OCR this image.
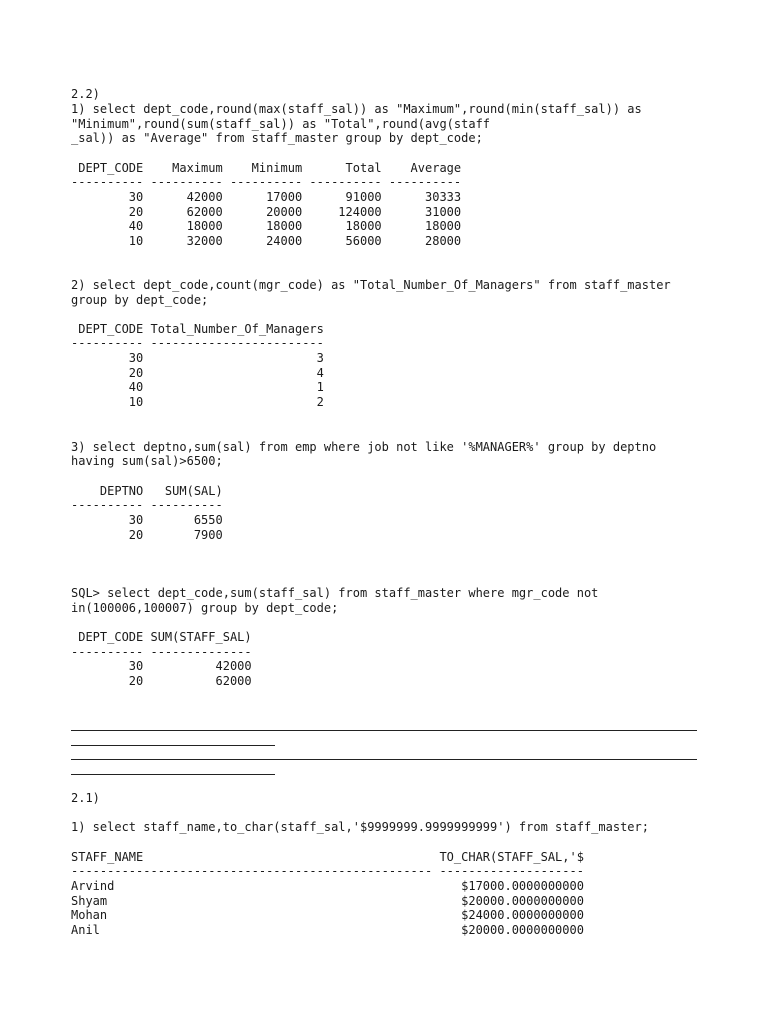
2.2)
1) select dept_code,round(max(staff_sal)) as "Maximum",round(min(staff_sal)) as
"Minimum",round(sum(staff_sal)) as "Total",round(avg(staff
_sal)) as "Average" from staff_master group by dept_code;
DEPT_CODE    Maximum    Minimum      Total    Average
---------- ---------- ---------- ---------- ----------
30      42000      17000      91000      30333
20      62000      20000     124000      31000
40      18000      18000      18000      18000
10      32000      24000      56000      28000
2) select dept_code,count(mgr_code) as "Total_Number_Of_Managers" from staff_master
group by dept_code;
DEPT_CODE Total_Number_Of_Managers
---------- ------------------------
30                        3
20                        4
40                        1
10                        2
3) select deptno,sum(sal) from emp where job not like '%MANAGER%' group by deptno
having sum(sal)>6500;
DEPTNO   SUM(SAL)
---------- ----------
30       6550
20       7900
SQL> select dept_code,sum(staff_sal) from staff_master where mgr_code not
in(100006,100007) group by dept_code;
DEPT_CODE SUM(STAFF_SAL)
---------- --------------
30          42000
20          62000
2.1)
1) select staff_name,to_char(staff_sal,'$9999999.9999999999') from staff_master;
STAFF_NAME                                         TO_CHAR(STAFF_SAL,'$
-------------------------------------------------- --------------------
Arvind                                                $17000.0000000000
Shyam                                                 $20000.0000000000
Mohan                                                 $24000.0000000000
Anil                                                  $20000.0000000000
